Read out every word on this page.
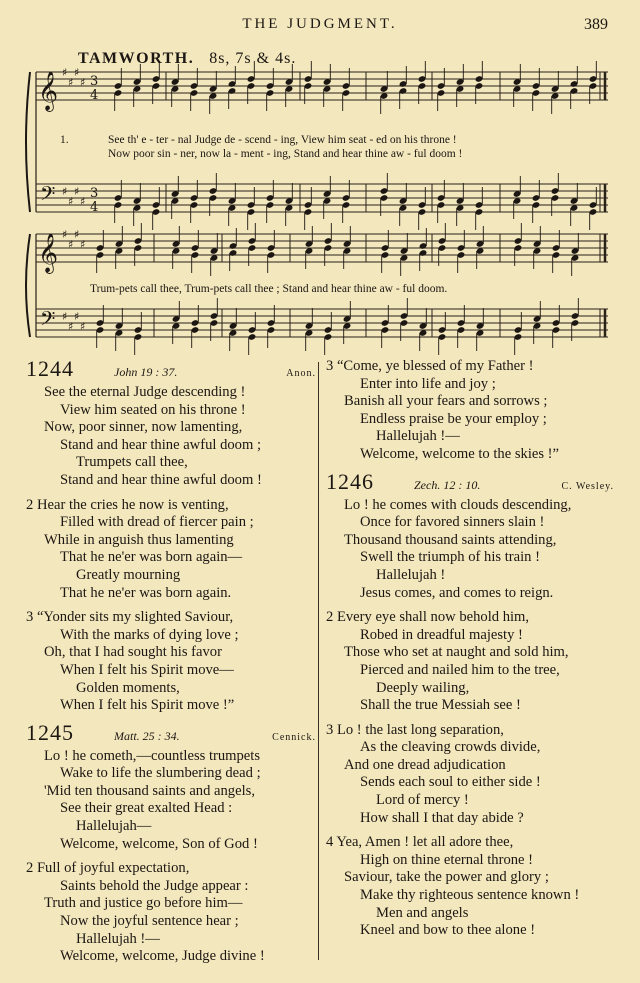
THE JUDGMENT.	389
TAMWORTH. 8s, 7s & 4s.
𝄞
𝄢
♯
♯
♯
♯
♯
♯
♯
♯
3
4
3
4
𝄞
𝄢
♯
♯
♯
♯
♯
♯
♯
♯
1.	See th' e - ter - nal Judge de - scend - ing, View him seat - ed on his throne !
Now poor sin - ner, now la - ment - ing, Stand and hear thine aw - ful doom !
Trum-pets call thee, Trum-pets call thee ; Stand and hear thine aw - ful doom.
1244	John 19 : 37.	Anon.
See the eternal Judge descending !
View him seated on his throne !
Now, poor sinner, now lamenting,
Stand and hear thine awful doom ;
Trumpets call thee,
Stand and hear thine awful doom !
2 Hear the cries he now is venting,
Filled with dread of fiercer pain ;
While in anguish thus lamenting
That he ne'er was born again—
Greatly mourning
That he ne'er was born again.
3 “Yonder sits my slighted Saviour,
With the marks of dying love ;
Oh, that I had sought his favor
When I felt his Spirit move—
Golden moments,
When I felt his Spirit move !”
1245	Matt. 25 : 34.	Cennick.
Lo ! he cometh,—countless trumpets
Wake to life the slumbering dead ;
'Mid ten thousand saints and angels,
See their great exalted Head :
Hallelujah—
Welcome, welcome, Son of God !
2 Full of joyful expectation,
Saints behold the Judge appear :
Truth and justice go before him—
Now the joyful sentence hear ;
Hallelujah !—
Welcome, welcome, Judge divine !
3 “Come, ye blessed of my Father !
Enter into life and joy ;
Banish all your fears and sorrows ;
Endless praise be your employ ;
Hallelujah !—
Welcome, welcome to the skies !”
1246	Zech. 12 : 10.	C. Wesley.
Lo ! he comes with clouds descending,
Once for favored sinners slain !
Thousand thousand saints attending,
Swell the triumph of his train !
Hallelujah !
Jesus comes, and comes to reign.
2 Every eye shall now behold him,
Robed in dreadful majesty !
Those who set at naught and sold him,
Pierced and nailed him to the tree,
Deeply wailing,
Shall the true Messiah see !
3 Lo ! the last long separation,
As the cleaving crowds divide,
And one dread adjudication
Sends each soul to either side !
Lord of mercy !
How shall I that day abide ?
4 Yea, Amen ! let all adore thee,
High on thine eternal throne !
Saviour, take the power and glory ;
Make thy righteous sentence known !
Men and angels
Kneel and bow to thee alone !
